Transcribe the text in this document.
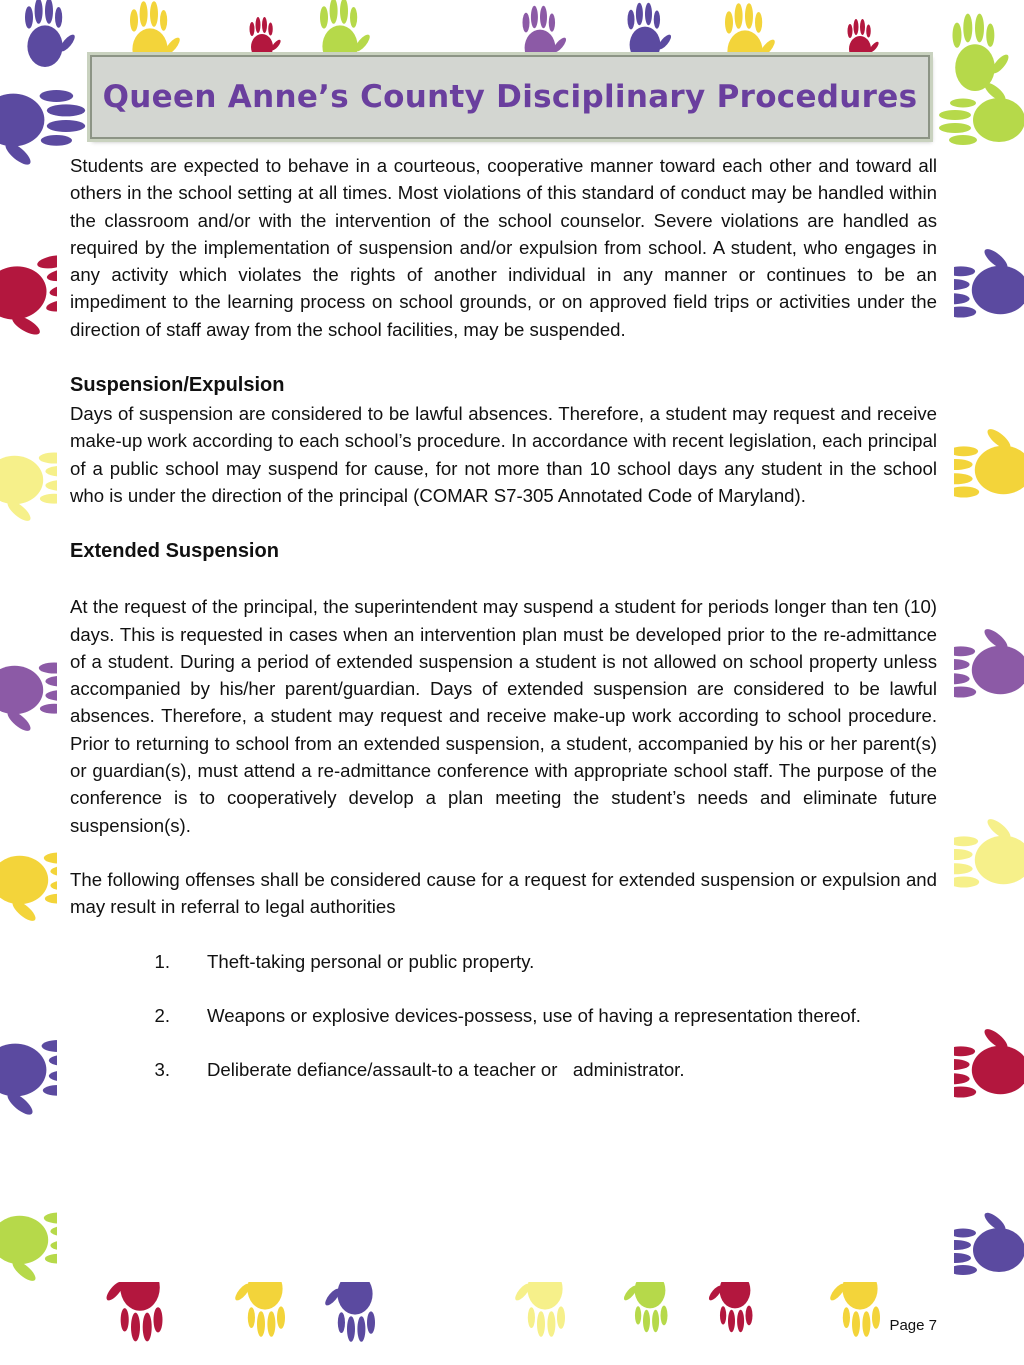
Queen Anne’s County Disciplinary Procedures

Students are expected to behave in a courteous, cooperative manner toward each other and toward all others in the school setting at all times. Most violations of this standard of conduct may be handled within the classroom and/or with the intervention of the school counselor. Severe violations are handled as required by the implementation of suspension and/or expulsion from school. A student, who engages in any activity which violates the rights of another individual in any manner or continues to be an impediment to the learning process on school grounds, or on approved field trips or activities under the direction of staff away from the school facilities, may be suspended.

Suspension/Expulsion

Days of suspension are considered to be lawful absences. Therefore, a student may request and receive make-up work according to each school’s procedure. In accordance with recent legislation, each principal of a public school may suspend for cause, for not more than 10 school days any student in the school who is under the direction of the principal (COMAR S7-305 Annotated Code of Maryland).

Extended Suspension

At the request of the principal, the superintendent may suspend a student for periods longer than ten (10) days. This is requested in cases when an intervention plan must be developed prior to the re-admittance of a student. During a period of extended suspension a student is not allowed on school property unless accompanied by his/her parent/guardian. Days of extended suspension are considered to be lawful absences. Therefore, a student may request and receive make-up work according to school procedure. Prior to returning to school from an extended suspension, a student, accompanied by his or her parent(s) or guardian(s), must attend a re-admittance conference with appropriate school staff. The purpose of the conference is to cooperatively develop a plan meeting the student’s needs and eliminate future suspension(s).

The following offenses shall be considered cause for a request for extended suspension or expulsion and may result in referral to legal authorities

1.	Theft-taking personal or public property.
2.	Weapons or explosive devices-possess, use of having a representation thereof.
3.	Deliberate defiance/assault-to a teacher or   administrator.
Page 7
